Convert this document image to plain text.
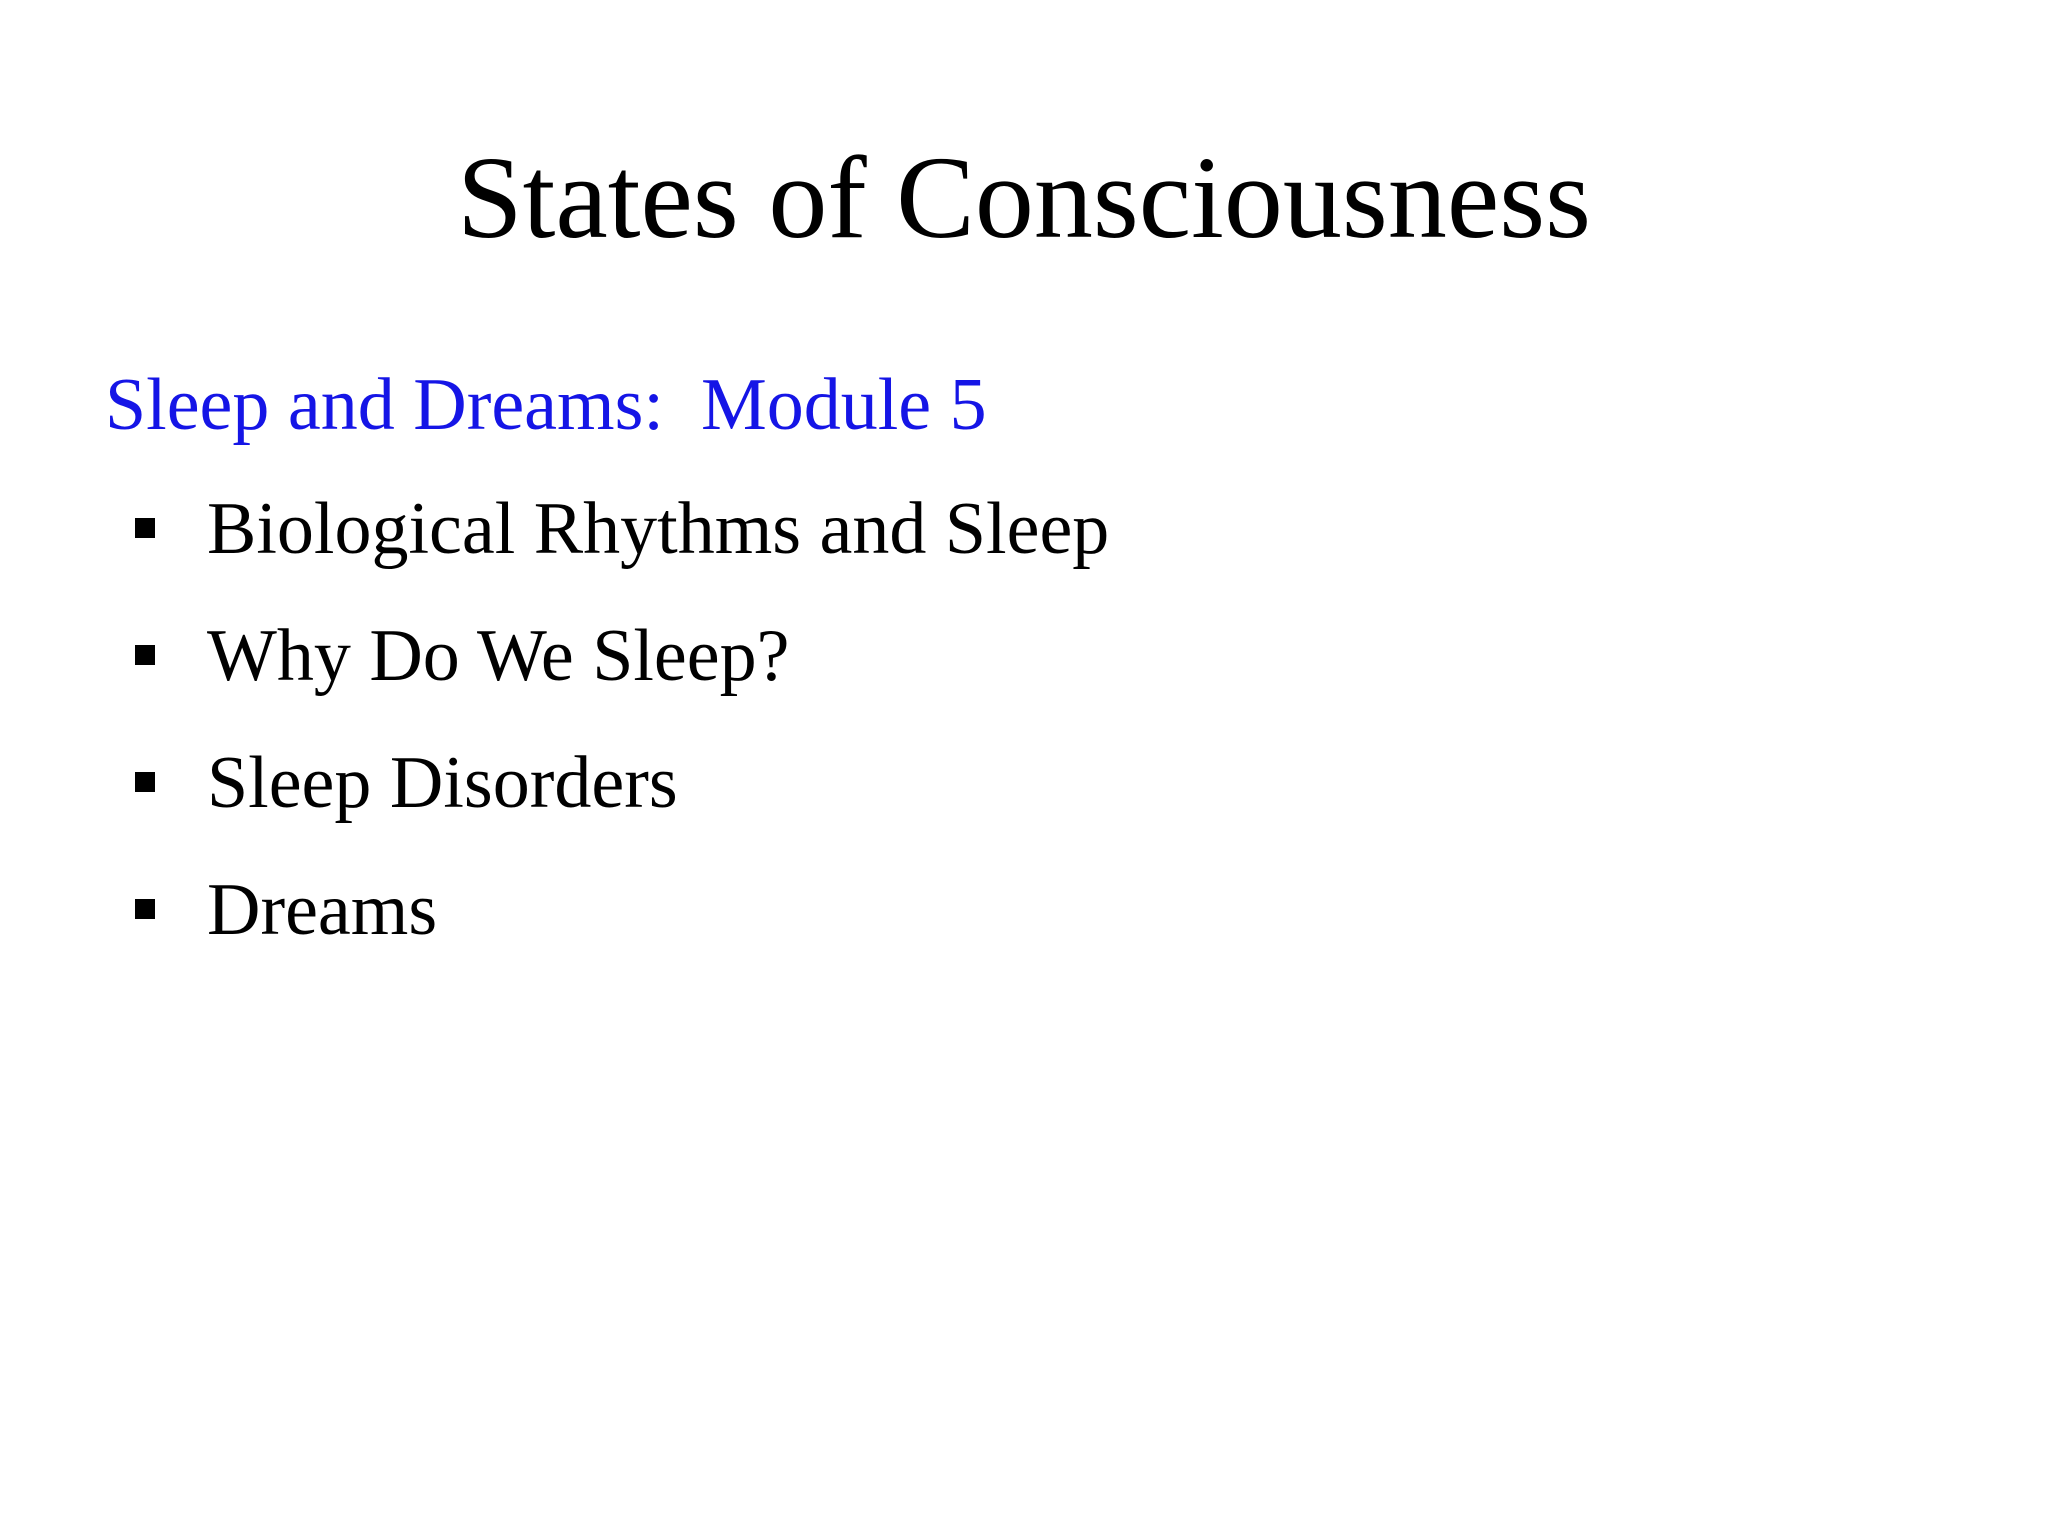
States of Consciousness
Sleep and Dreams:  Module 5
Biological Rhythms and Sleep
Why Do We Sleep?
Sleep Disorders
Dreams
